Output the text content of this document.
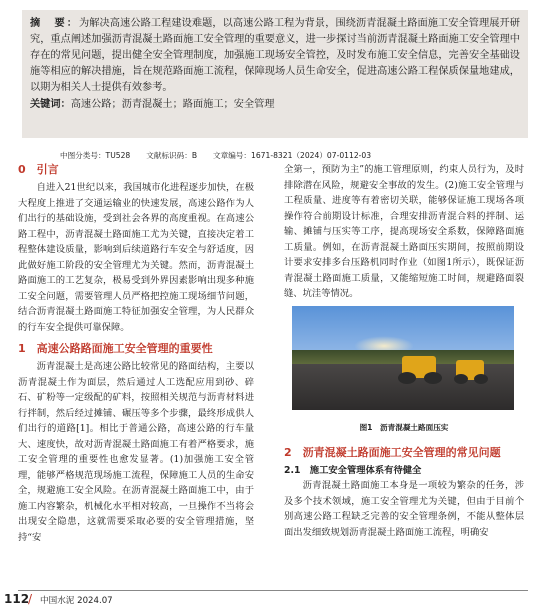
摘　要：为解决高速公路工程建设难题，以高速公路工程为背景，围绕沥青混凝土路面施工安全管理展开研究，重点阐述加强沥青混凝土路面施工安全管理的重要意义，进一步探讨当前沥青混凝土路面施工安全管理中存在的常见问题，提出健全安全管理制度，加强施工现场安全管控，及时发布施工安全信息，完善安全基础设施等相应的解决措施，旨在规范路面施工流程，保障现场人员生命安全，促进高速公路工程保质保量地建成，以期为相关人士提供有效参考。
关键词：高速公路；沥青混凝土；路面施工；安全管理
中图分类号：TU528 文献标识码：B 文章编号：1671-8321（2024）07-0112-03
0　引言

自进入21世纪以来，我国城市化进程逐步加快，在极大程度上推进了交通运输业的快速发展，高速公路作为人们出行的基础设施，受到社会各界的高度重视。在高速公路工程中，沥青混凝土路面施工尤为关键，直接决定着工程整体建设质量，影响到后续道路行车安全与舒适度，因此做好施工阶段的安全管理尤为关键。然而，沥青混凝土路面施工的工艺复杂，极易受到外界因素影响出现多种施工安全问题，需要管理人员严格把控施工现场细节问题，结合沥青混凝土路面施工特征加强安全管理，为人民群众的行车安全提供可靠保障。

1　高速公路路面施工安全管理的重要性

沥青混凝土是高速公路比较常见的路面结构，主要以沥青混凝土作为面层，然后通过人工选配应用到砂、碎石、矿粉等一定级配的矿料，按照相关规范与沥青材料进行拌制，然后经过摊铺、碾压等多个步骤，最终形成供人们出行的道路[1]。相比于普通公路，高速公路的行车量大、速度快，故对沥青混凝土路面施工有着严格要求，施工安全管理的重要性也愈发显著。(1)加强施工安全管理，能够严格规范现场施工流程，保障施工人员的生命安全，规避施工安全风险。在沥青混凝土路面施工中，由于施工内容繁杂，机械化水平相对较高，一旦操作不当将会出现安全隐患，这就需要采取必要的安全管理措施，坚持“安

全第一，预防为主”的施工管理原则，约束人员行为，及时排除潜在风险，规避安全事故的发生。(2)施工安全管理与工程质量、进度等有着密切关联，能够保证施工现场各项操作符合前期设计标准，合理安排沥青混合料的拌制、运输、摊铺与压实等工序，提高现场安全系数，保障路面施工质量。例如，在沥青混凝土路面压实期间，按照前期设计要求安排多台压路机同时作业（如图1所示），既保证沥青混凝土路面施工质量，又能缩短施工时间，规避路面裂缝、坑洼等情况。

图1　沥青混凝土路面压实
2　沥青混凝土路面施工安全管理的常见问题
2.1　施工安全管理体系有待健全

沥青混凝土路面施工本身是一项较为繁杂的任务，涉及多个技术领域，施工安全管理尤为关键，但由于目前个别高速公路工程缺乏完善的安全管理条例，不能从整体层面出发细致规划沥青混凝土路面施工流程，明确安

112
/ 中国水泥 2024.07
